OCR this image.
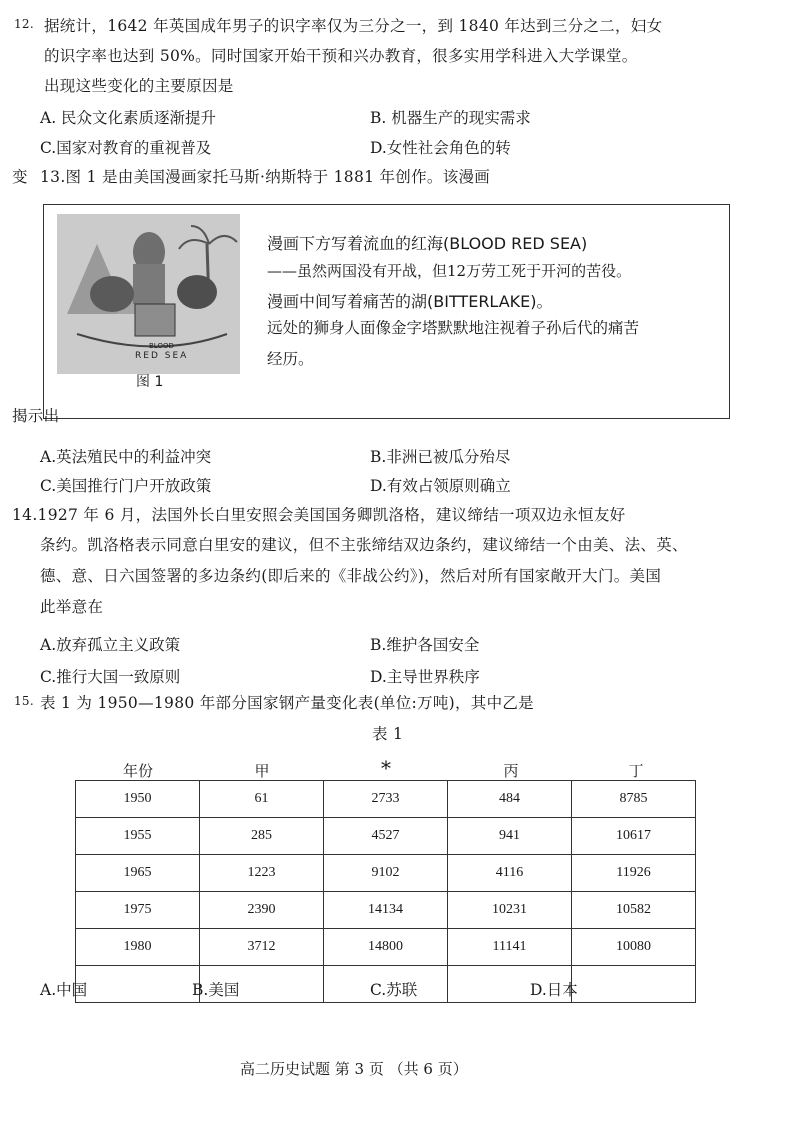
12. 据统计，1642 年英国成年男子的识字率仅为三分之一，到 1840 年达到三分之二，妇女
的识字率也达到 50%。同时国家开始干预和兴办教育，很多实用学科进入大学课堂。
出现这些变化的主要原因是
A. 民众文化素质逐渐提升	B. 机器生产的现实需求
C.国家对教育的重视普及	D.女性社会角色的转
变 13.图 1 是由美国漫画家托马斯·纳斯特于 1881 年创作。该漫画
BLOOD
RED SEA
图 1
漫画下方写着流血的红海(BLOOD RED SEA)
——虽然两国没有开战，但12万劳工死于开河的苦役。
漫画中间写着痛苦的湖(BITTERLAKE)。
远处的狮身人面像金字塔默默地注视着子孙后代的痛苦
经历。
揭示出
A.英法殖民中的利益冲突	B.非洲已被瓜分殆尽
C.美国推行门户开放政策	D.有效占领原则确立
14.1927 年 6 月，法国外长白里安照会美国国务卿凯洛格，建议缔结一项双边永恒友好
条约。凯洛格表示同意白里安的建议，但不主张缔结双边条约，建议缔结一个由美、法、英、
德、意、日六国签署的多边条约(即后来的《非战公约》)，然后对所有国家敞开大门。美国
此举意在
A.放弃孤立主义政策	B.维护各国安全
C.推行大国一致原则	D.主导世界秩序
15. 表 1 为 1950—1980 年部分国家钢产量变化表(单位:万吨)，其中乙是
表 1
年份	甲	*	丙	丁
1950	61	2733	484	8785
1955	285	4527	941	10617
1965	1223	9102	4116	11926
1975	2390	14134	10231	10582
1980	3712	14800	11141	10080

A.中国	B.美国	C.苏联	D.日本
高二历史试题 第 3 页 （共 6 页）
